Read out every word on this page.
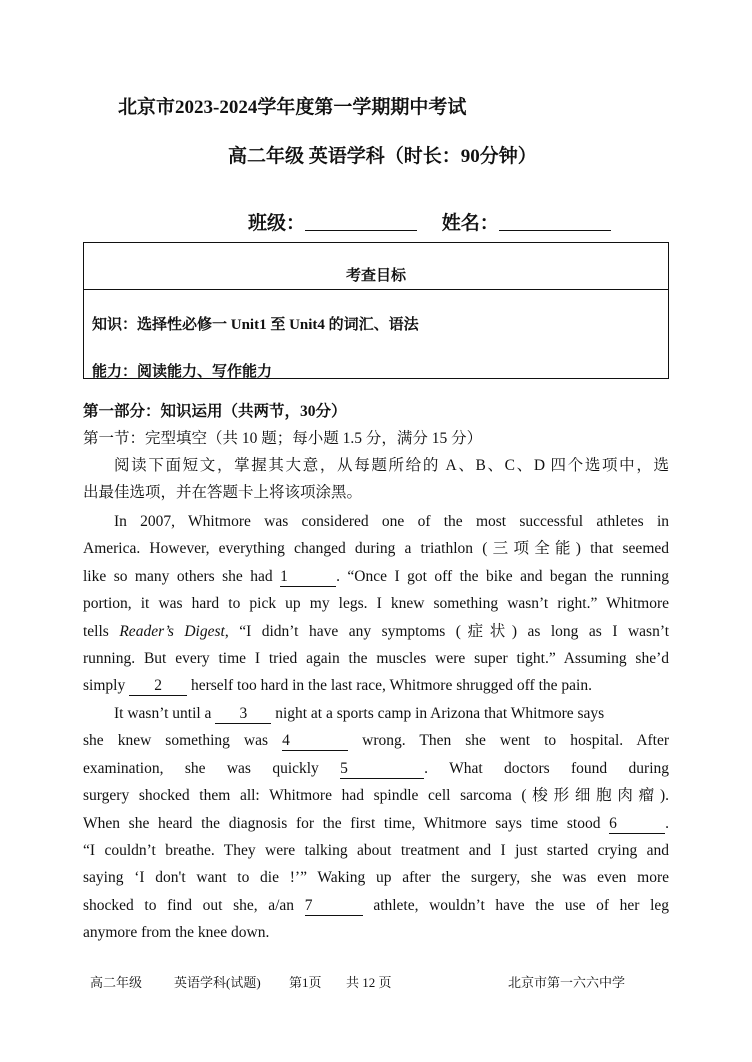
北京市2023-2024学年度第一学期期中考试
高二年级 英语学科（时长：90分钟）
班级：	姓名：
考查目标
知识：选择性必修一 Unit1 至 Unit4 的词汇、语法
能力：阅读能力、写作能力
第一部分：知识运用（共两节，30分）
第一节：完型填空（共 10 题；每小题 1.5 分，满分 15 分）
阅读下面短文，掌握其大意，从每题所给的 A、B、C、D 四个选项中，选
出最佳选项，并在答题卡上将该项涂黑。
In 2007, Whitmore was considered one of the most successful athletes in
America. However, everything changed during a triathlon (三项全能) that seemed
like so many others she had 1	. “Once I got off the bike and began the running
portion, it was hard to pick up my legs. I knew something wasn’t right.” Whitmore
tells Reader’s Digest, “I didn’t have any symptoms (症状) as long as I wasn’t
running. But every time I tried again the muscles were super tight.” Assuming she’d
simply 2 herself too hard in the last race, Whitmore shrugged off the pain.
It wasn’t until a 3 night at a sports camp in Arizona that Whitmore says
she knew something was 4	wrong. Then she went to hospital. After
examination, she was quickly 5	. What doctors found during
surgery shocked them all: Whitmore had spindle cell sarcoma (梭形细胞肉瘤).
When she heard the diagnosis for the first time, Whitmore says time stood 6	.
“I couldn’t breathe. They were talking about treatment and I just started crying and
saying ‘I don't want to die !’” Waking up after the surgery, she was even more
shocked to find out she, a/an 7	athlete, wouldn’t have the use of her leg
anymore from the knee down.
高二年级 英语学科(试题) 第1页 共 12 页	北京市第一六六中学
